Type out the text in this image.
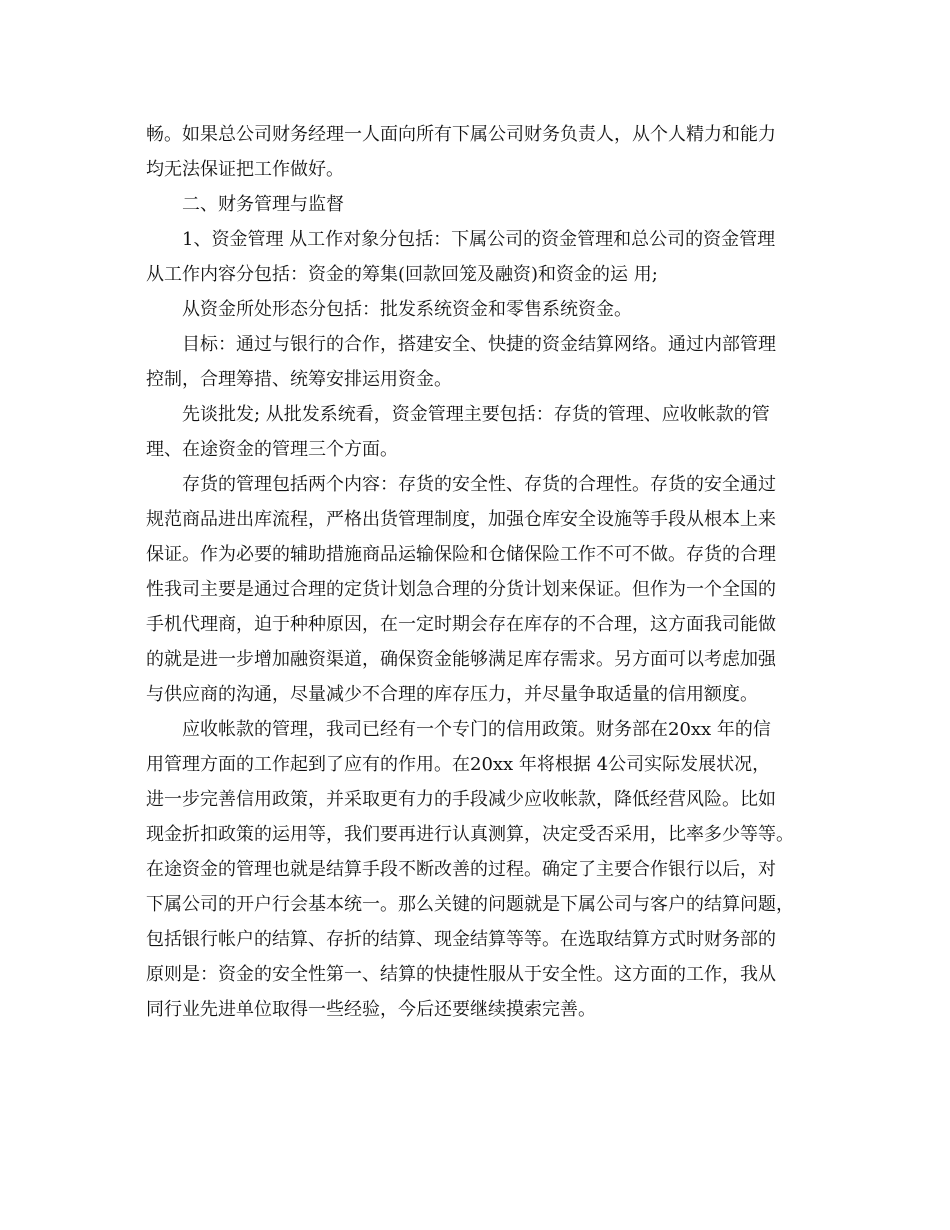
畅。如果总公司财务经理一人面向所有下属公司财务负责人，从个人精力和能力
均无法保证把工作做好。
二、财务管理与监督
1、资金管理 从工作对象分包括：下属公司的资金管理和总公司的资金管理
从工作内容分包括：资金的筹集(回款回笼及融资)和资金的运 用;
从资金所处形态分包括：批发系统资金和零售系统资金。
目标：通过与银行的合作，搭建安全、快捷的资金结算网络。通过内部管理
控制，合理筹措、统筹安排运用资金。
先谈批发; 从批发系统看，资金管理主要包括：存货的管理、应收帐款的管
理、在途资金的管理三个方面。
存货的管理包括两个内容：存货的安全性、存货的合理性。存货的安全通过
规范商品进出库流程，严格出货管理制度，加强仓库安全设施等手段从根本上来
保证。作为必要的辅助措施商品运输保险和仓储保险工作不可不做。存货的合理
性我司主要是通过合理的定货计划急合理的分货计划来保证。但作为一个全国的
手机代理商，迫于种种原因，在一定时期会存在库存的不合理，这方面我司能做
的就是进一步增加融资渠道，确保资金能够满足库存需求。另方面可以考虑加强
与供应商的沟通，尽量减少不合理的库存压力，并尽量争取适量的信用额度。
应收帐款的管理，我司已经有一个专门的信用政策。财务部在20xx 年的信
用管理方面的工作起到了应有的作用。在20xx 年将根据 4公司实际发展状况，
进一步完善信用政策，并采取更有力的手段减少应收帐款，降低经营风险。比如
现金折扣政策的运用等，我们要再进行认真测算，决定受否采用，比率多少等等。
在途资金的管理也就是结算手段不断改善的过程。确定了主要合作银行以后，对
下属公司的开户行会基本统一。那么关键的问题就是下属公司与客户的结算问题，
包括银行帐户的结算、存折的结算、现金结算等等。在选取结算方式时财务部的
原则是：资金的安全性第一、结算的快捷性服从于安全性。这方面的工作，我从
同行业先进单位取得一些经验，今后还要继续摸索完善。
